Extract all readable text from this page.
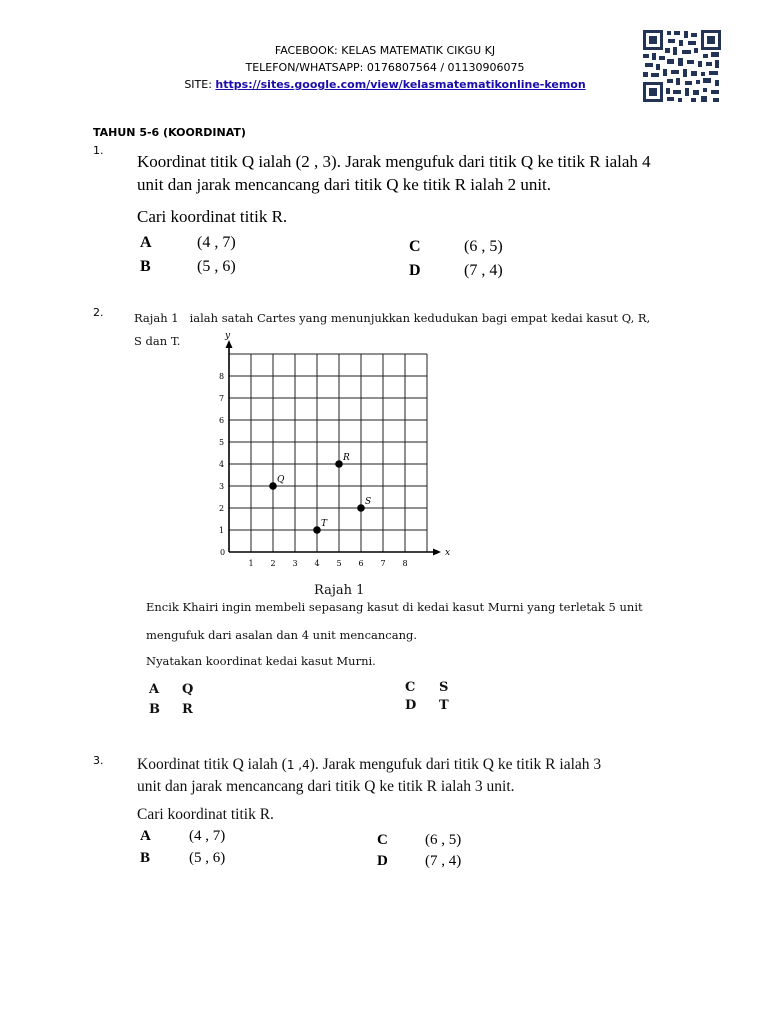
FACEBOOK: KELAS MATEMATIK CIKGU KJ
TELEFON/WHATSAPP: 0176807564 / 01130906075
SITE: https://sites.google.com/view/kelasmatematikonline-kemon
TAHUN 5-6 (KOORDINAT)
1.
Koordinat titik Q ialah (2 , 3). Jarak mengufuk dari titik Q ke titik R ialah 4
unit dan jarak mencancang dari titik Q ke titik R ialah 2 unit.
Cari koordinat titik R.
A	(4 , 7)
B	(5 , 6)
C	(6 , 5)
D	(7 , 4)
2.	Rajah 1 ialah satah Cartes yang menunjukkan kedudukan bagi empat kedai kasut Q, R,
S dan T.
x
y
0
1 2 3 4 5 6 7 8
1
2
3
4
5
6
7
8
Q
R
S
T
Rajah 1
Encik Khairi ingin membeli sepasang kasut di kedai kasut Murni yang terletak 5 unit
mengufuk dari asalan dan 4 unit mencancang.
Nyatakan koordinat kedai kasut Murni.
A Q
B R
C S
D T
3. Koordinat titik Q ialah (1 ,4). Jarak mengufuk dari titik Q ke titik R ialah 3
unit dan jarak mencancang dari titik Q ke titik R ialah 3 unit.
Cari koordinat titik R.
A	(4 , 7)
B	(5 , 6)
C (6 , 5)
D (7 , 4)
